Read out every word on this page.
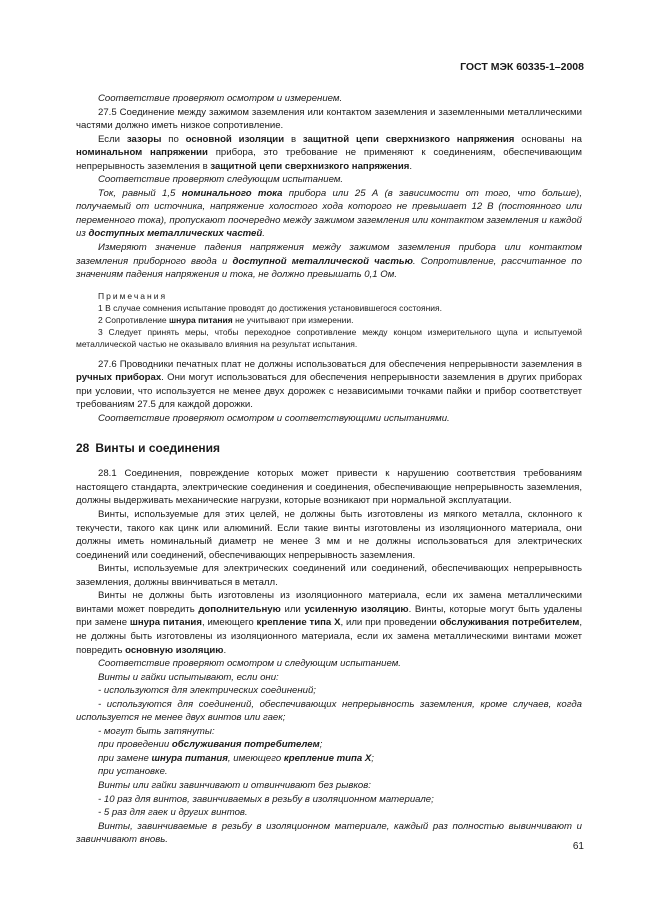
ГОСТ МЭК 60335-1–2008

Соответствие проверяют осмотром и измерением.

27.5 Соединение между зажимом заземления или контактом заземления и заземленными металлическими частями должно иметь низкое сопротивление.

Если зазоры по основной изоляции в защитной цепи сверхнизкого напряжения основаны на номинальном напряжении прибора, это требование не применяют к соединениям, обеспечивающим непрерывность заземления в защитной цепи сверхнизкого напряжения.

Соответствие проверяют следующим испытанием.

Ток, равный 1,5 номинального тока прибора или 25 А (в зависимости от того, что больше), получаемый от источника, напряжение холостого хода которого не превышает 12 В (постоянного или переменного тока), пропускают поочередно между зажимом заземления или контактом заземления и каждой из доступных металлических частей.

Измеряют значение падения напряжения между зажимом заземления прибора или контактом заземления приборного ввода и доступной металлической частью. Сопротивление, рассчитанное по значениям падения напряжения и тока, не должно превышать 0,1 Ом.

Примечания

1 В случае сомнения испытание проводят до достижения установившегося состояния.

2 Сопротивление шнура питания не учитывают при измерении.

3 Следует принять меры, чтобы переходное сопротивление между концом измерительного щупа и испытуемой металлической частью не оказывало влияния на результат испытания.

27.6 Проводники печатных плат не должны использоваться для обеспечения непрерывности заземления в ручных приборах. Они могут использоваться для обеспечения непрерывности заземления в других приборах при условии, что используется не менее двух дорожек с независимыми точками пайки и прибор соответствует требованиям 27.5 для каждой дорожки.

Соответствие проверяют осмотром и соответствующими испытаниями.

28 Винты и соединения

28.1 Соединения, повреждение которых может привести к нарушению соответствия требованиям настоящего стандарта, электрические соединения и соединения, обеспечивающие непрерывность заземления, должны выдерживать механические нагрузки, которые возникают при нормальной эксплуатации.

Винты, используемые для этих целей, не должны быть изготовлены из мягкого металла, склонного к текучести, такого как цинк или алюминий. Если такие винты изготовлены из изоляционного материала, они должны иметь номинальный диаметр не менее 3 мм и не должны использоваться для электрических соединений или соединений, обеспечивающих непрерывность заземления.

Винты, используемые для электрических соединений или соединений, обеспечивающих непрерывность заземления, должны ввинчиваться в металл.

Винты не должны быть изготовлены из изоляционного материала, если их замена металлическими винтами может повредить дополнительную или усиленную изоляцию. Винты, которые могут быть удалены при замене шнура питания, имеющего крепление типа X, или при проведении обслуживания потребителем, не должны быть изготовлены из изоляционного материала, если их замена металлическими винтами может повредить основную изоляцию.

Соответствие проверяют осмотром и следующим испытанием.

Винты и гайки испытывают, если они:

- используются для электрических соединений;

- используются для соединений, обеспечивающих непрерывность заземления, кроме случаев, когда используется не менее двух винтов или гаек;

- могут быть затянуты:

при проведении обслуживания потребителем;

при замене шнура питания, имеющего крепление типа X;

при установке.

Винты или гайки завинчивают и отвинчивают без рывков:

- 10 раз для винтов, завинчиваемых в резьбу в изоляционном материале;

- 5 раз для гаек и других винтов.

Винты, завинчиваемые в резьбу в изоляционном материале, каждый раз полностью вывинчивают и завинчивают вновь.

61
